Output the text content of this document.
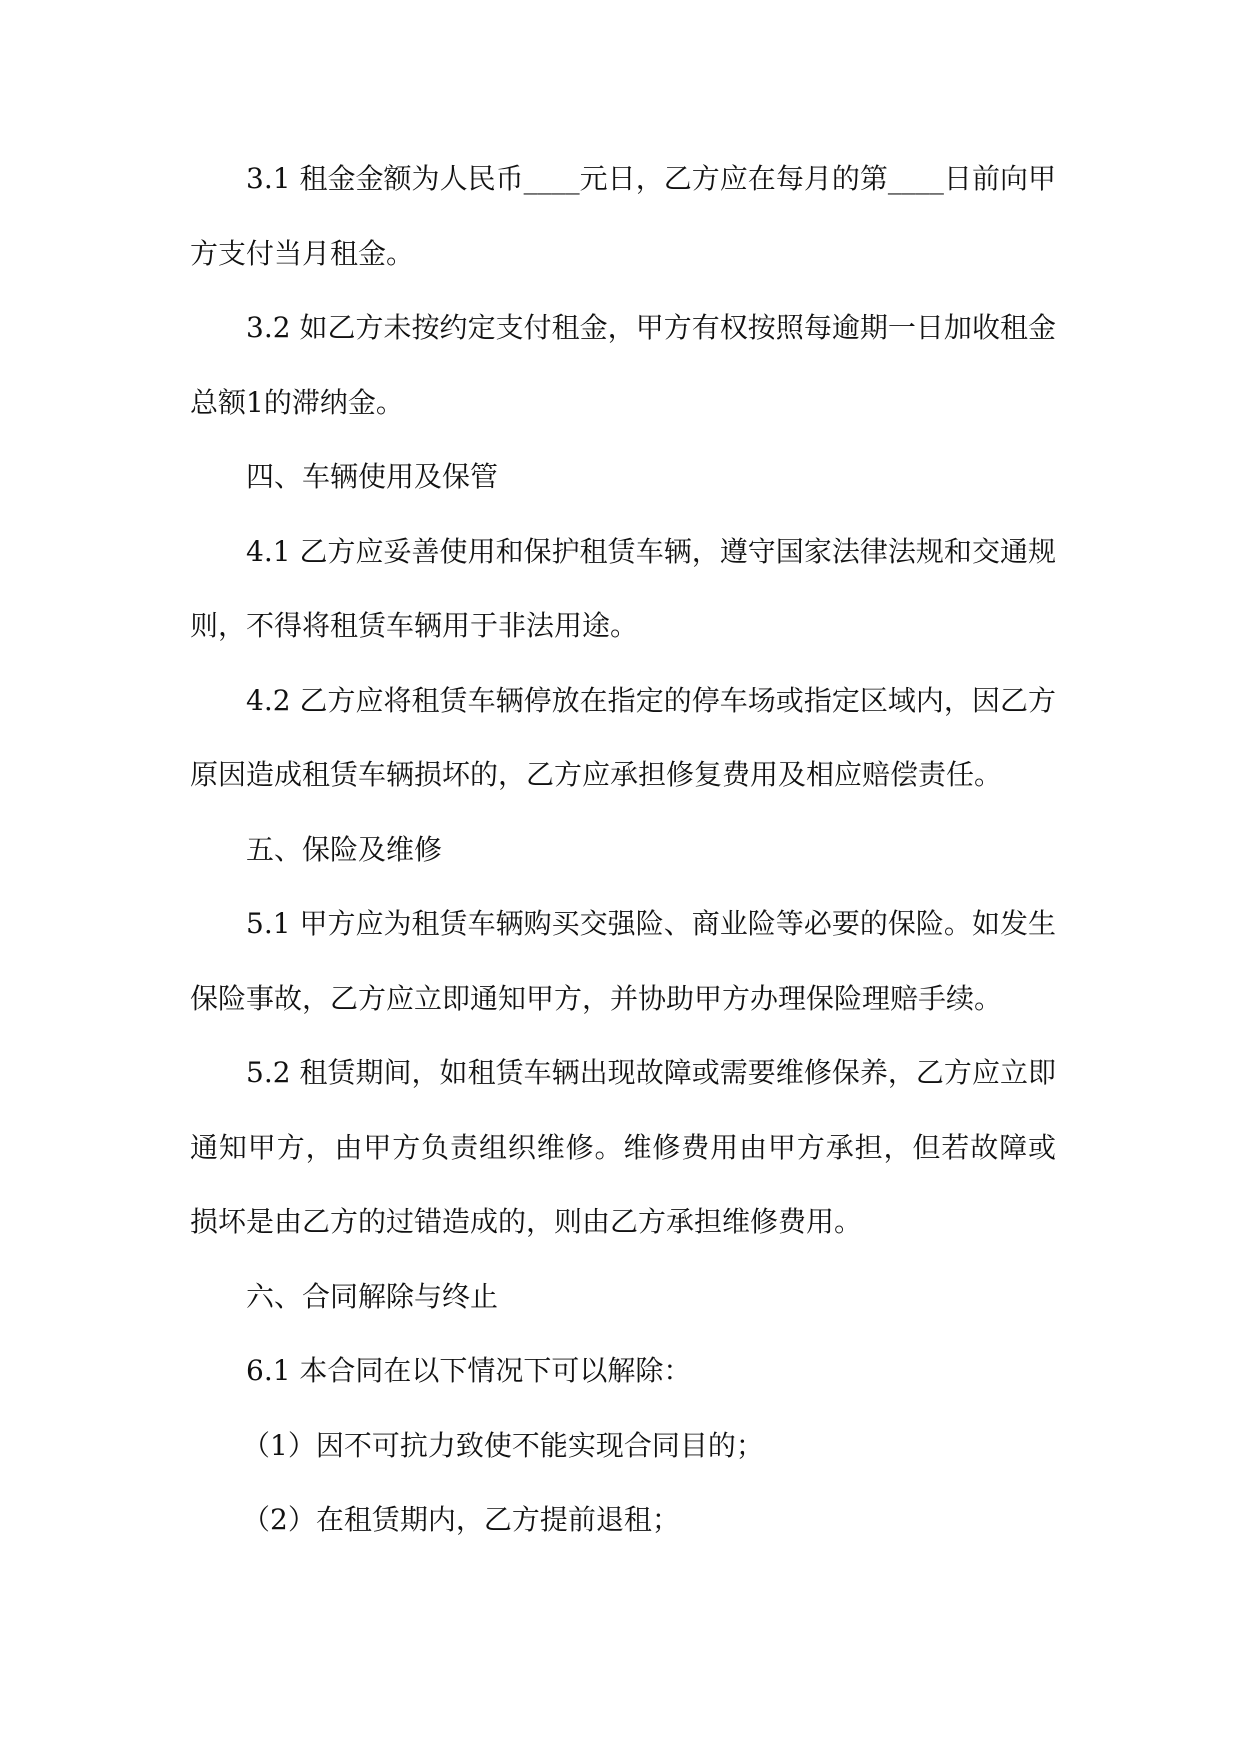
3.1 租金金额为人民币____元日，乙方应在每月的第____日前向甲方支付当月租金。

3.2 如乙方未按约定支付租金，甲方有权按照每逾期一日加收租金总额1的滞纳金。

四、车辆使用及保管

4.1 乙方应妥善使用和保护租赁车辆，遵守国家法律法规和交通规则，不得将租赁车辆用于非法用途。

4.2 乙方应将租赁车辆停放在指定的停车场或指定区域内，因乙方原因造成租赁车辆损坏的，乙方应承担修复费用及相应赔偿责任。

五、保险及维修

5.1 甲方应为租赁车辆购买交强险、商业险等必要的保险。如发生保险事故，乙方应立即通知甲方，并协助甲方办理保险理赔手续。

5.2 租赁期间，如租赁车辆出现故障或需要维修保养，乙方应立即通知甲方，由甲方负责组织维修。维修费用由甲方承担，但若故障或损坏是由乙方的过错造成的，则由乙方承担维修费用。

六、合同解除与终止

6.1 本合同在以下情况下可以解除：

（1）因不可抗力致使不能实现合同目的；

（2）在租赁期内，乙方提前退租；
